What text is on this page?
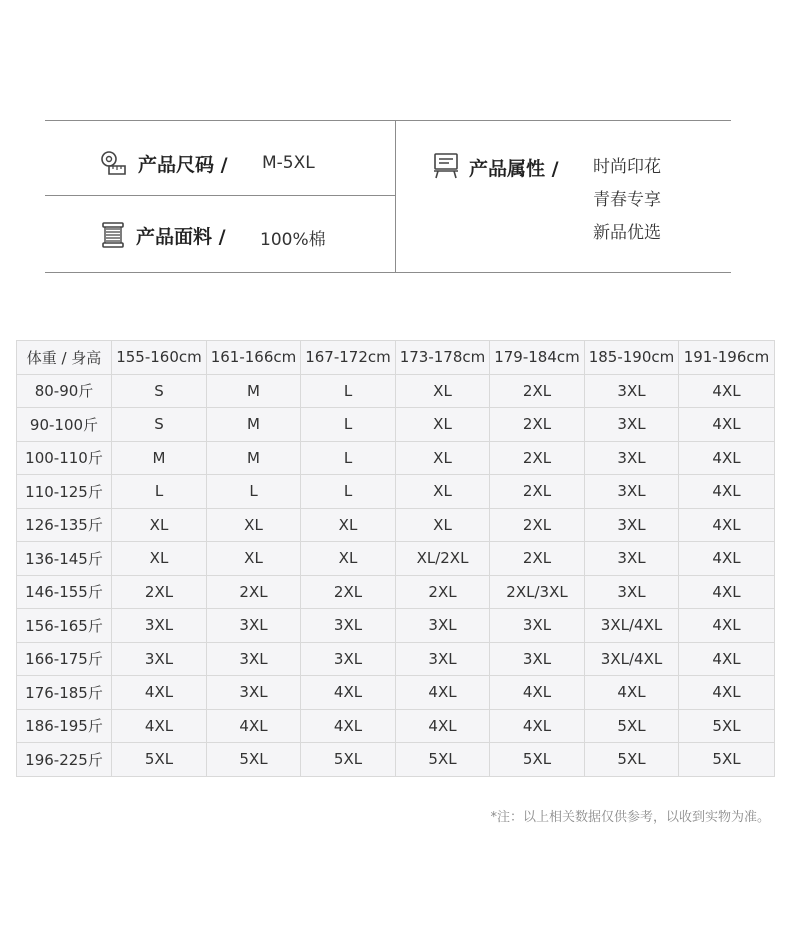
产品尺码 / M-5XL
产品面料 / 100%棉
产品属性 / 时尚印花
青春专享
新品优选
体重 / 身高	155-160cm	161-166cm	167-172cm	173-178cm	179-184cm	185-190cm	191-196cm
80-90斤	S	M	L	XL	2XL	3XL	4XL
90-100斤	S	M	L	XL	2XL	3XL	4XL
100-110斤	M	M	L	XL	2XL	3XL	4XL
110-125斤	L	L	L	XL	2XL	3XL	4XL
126-135斤	XL	XL	XL	XL	2XL	3XL	4XL
136-145斤	XL	XL	XL	XL/2XL	2XL	3XL	4XL
146-155斤	2XL	2XL	2XL	2XL	2XL/3XL	3XL	4XL
156-165斤	3XL	3XL	3XL	3XL	3XL	3XL/4XL	4XL
166-175斤	3XL	3XL	3XL	3XL	3XL	3XL/4XL	4XL
176-185斤	4XL	3XL	4XL	4XL	4XL	4XL	4XL
186-195斤	4XL	4XL	4XL	4XL	4XL	5XL	5XL
196-225斤	5XL	5XL	5XL	5XL	5XL	5XL	5XL
*注：以上相关数据仅供参考，以收到实物为准。
